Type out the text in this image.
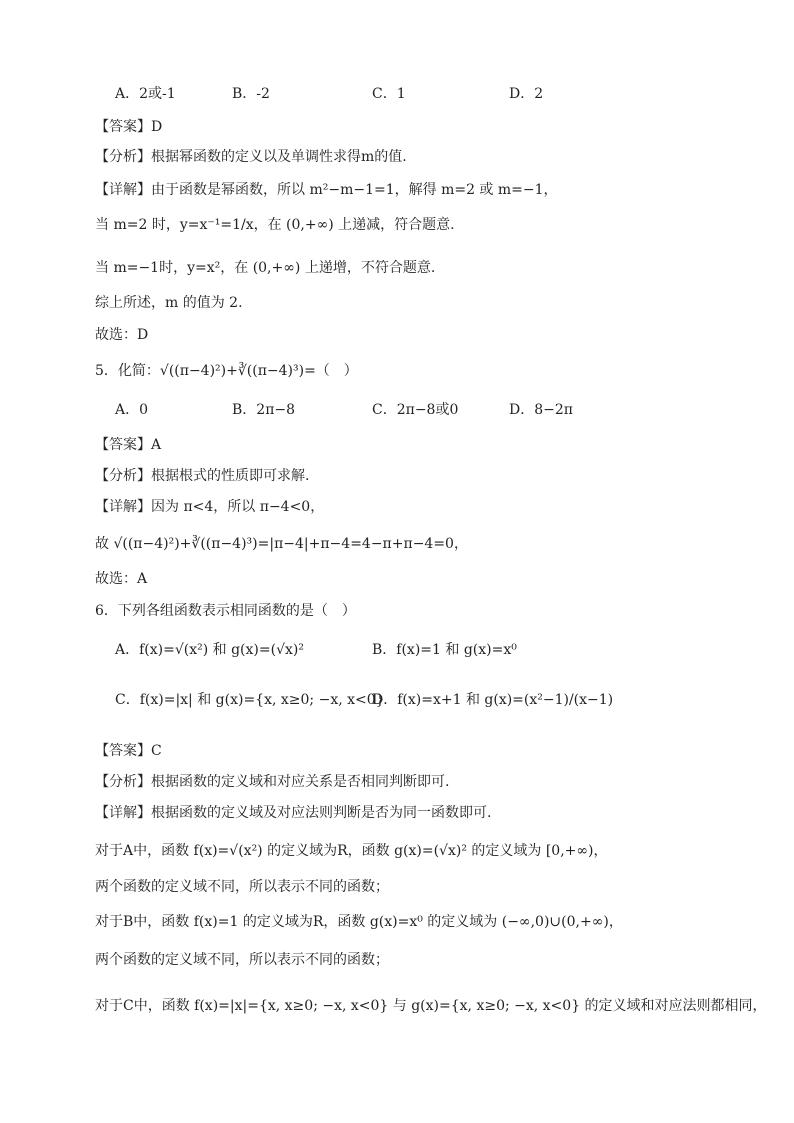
A．2或-1	B．-2	C．1	D．2
【答案】D
【分析】根据幂函数的定义以及单调性求得m的值.
【详解】由于函数是幂函数，所以 m²−m−1=1，解得 m=2 或 m=−1，
当 m=2 时，y=x⁻¹=1/x，在 (0,+∞) 上递减，符合题意.
当 m=−1时，y=x²，在 (0,+∞) 上递增，不符合题意.
综上所述，m 的值为 2.
故选：D
5．化简：√((π−4)²)+∛((π−4)³)=（　）
A．0	B．2π−8	C．2π−8或0	D．8−2π
【答案】A
【分析】根据根式的性质即可求解.
【详解】因为 π<4，所以 π−4<0，
故 √((π−4)²)+∛((π−4)³)=|π−4|+π−4=4−π+π−4=0，
故选：A
6．下列各组函数表示相同函数的是（　）
A．f(x)=√(x²) 和 g(x)=(√x)²	B．f(x)=1 和 g(x)=x⁰
C．f(x)=|x| 和 g(x)={x, x≥0; −x, x<0}
D．f(x)=x+1 和 g(x)=(x²−1)/(x−1)
【答案】C
【分析】根据函数的定义域和对应关系是否相同判断即可.
【详解】根据函数的定义域及对应法则判断是否为同一函数即可.
对于A中，函数 f(x)=√(x²) 的定义域为R，函数 g(x)=(√x)² 的定义域为 [0,+∞)，
两个函数的定义域不同，所以表示不同的函数；
对于B中，函数 f(x)=1 的定义域为R，函数 g(x)=x⁰ 的定义域为 (−∞,0)∪(0,+∞)，
两个函数的定义域不同，所以表示不同的函数；
对于C中，函数 f(x)=|x|={x, x≥0; −x, x<0} 与 g(x)={x, x≥0; −x, x<0} 的定义域和对应法则都相同，
